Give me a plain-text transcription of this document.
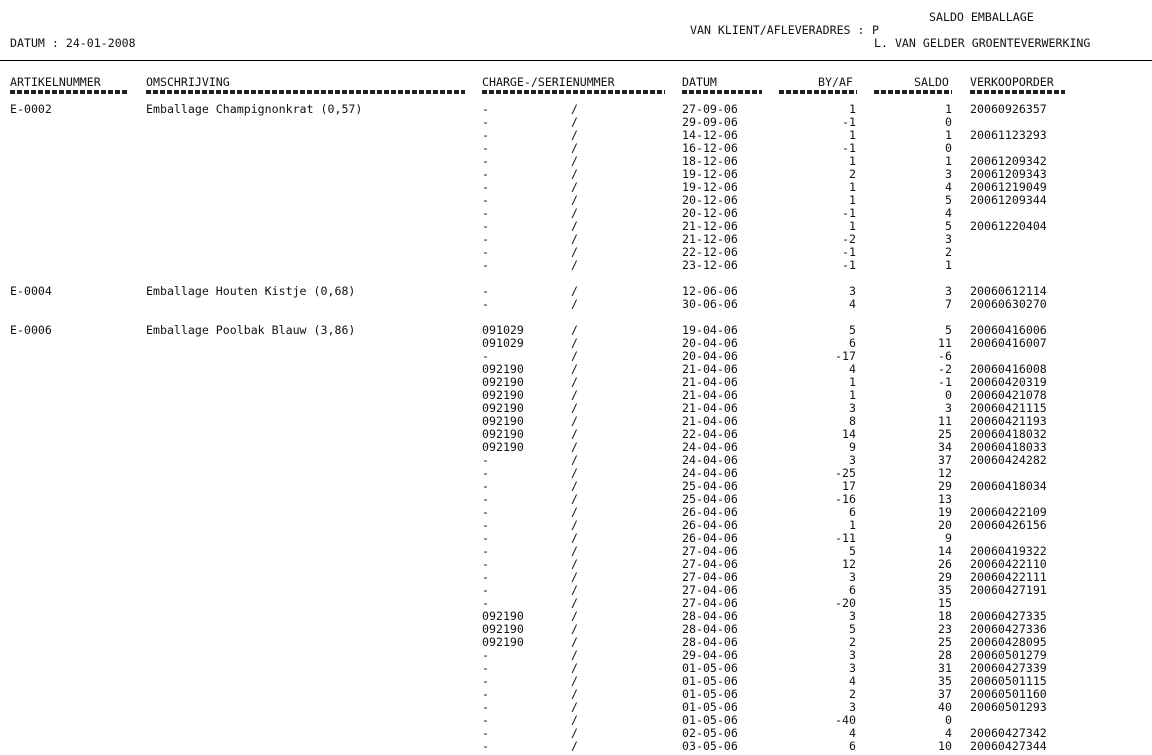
SALDO EMBALLAGE
DATUM : 24-01-2008
VAN KLIENT/AFLEVERADRES : P
L. VAN GELDER GROENTEVERWERKING
ARTIKELNUMMER	OMSCHRIJVING	CHARGE-/SERIENUMMER	DATUM	BY/AF	SALDO VERKOOPORDER
E-0002	Emballage Champignonkrat (0,57)	-	/	27-09-06	1	1 20060926357
-	/	29-09-06	-1	0
-	/	14-12-06	1	1 20061123293
-	/	16-12-06	-1	0
-	/	18-12-06	1	1 20061209342
-	/	19-12-06	2	3 20061209343
-	/	19-12-06	1	4 20061219049
-	/	20-12-06	1	5 20061209344
-	/	20-12-06	-1	4
-	/	21-12-06	1	5 20061220404
-	/	21-12-06	-2	3
-	/	22-12-06	-1	2
-	/	23-12-06	-1	1
E-0004	Emballage Houten Kistje (0,68)	-	/	12-06-06	3	3 20060612114
-	/	30-06-06	4	7 20060630270
E-0006	Emballage Poolbak Blauw (3,86)	091029	/	19-04-06	5	5 20060416006
091029	/	20-04-06	6	11 20060416007
-	/	20-04-06	-17	-6
092190	/	21-04-06	4	-2 20060416008
092190	/	21-04-06	1	-1 20060420319
092190	/	21-04-06	1	0 20060421078
092190	/	21-04-06	3	3 20060421115
092190	/	21-04-06	8	11 20060421193
092190	/	22-04-06	14	25 20060418032
092190	/	24-04-06	9	34 20060418033
-	/	24-04-06	3	37 20060424282
-	/	24-04-06	-25	12
-	/	25-04-06	17	29 20060418034
-	/	25-04-06	-16	13
-	/	26-04-06	6	19 20060422109
-	/	26-04-06	1	20 20060426156
-	/	26-04-06	-11	9
-	/	27-04-06	5	14 20060419322
-	/	27-04-06	12	26 20060422110
-	/	27-04-06	3	29 20060422111
-	/	27-04-06	6	35 20060427191
-	/	27-04-06	-20	15
092190	/	28-04-06	3	18 20060427335
092190	/	28-04-06	5	23 20060427336
092190	/	28-04-06	2	25 20060428095
-	/	29-04-06	3	28 20060501279
-	/	01-05-06	3	31 20060427339
-	/	01-05-06	4	35 20060501115
-	/	01-05-06	2	37 20060501160
-	/	01-05-06	3	40 20060501293
-	/	01-05-06	-40	0
-	/	02-05-06	4	4 20060427342
-	/	03-05-06	6	10 20060427344
